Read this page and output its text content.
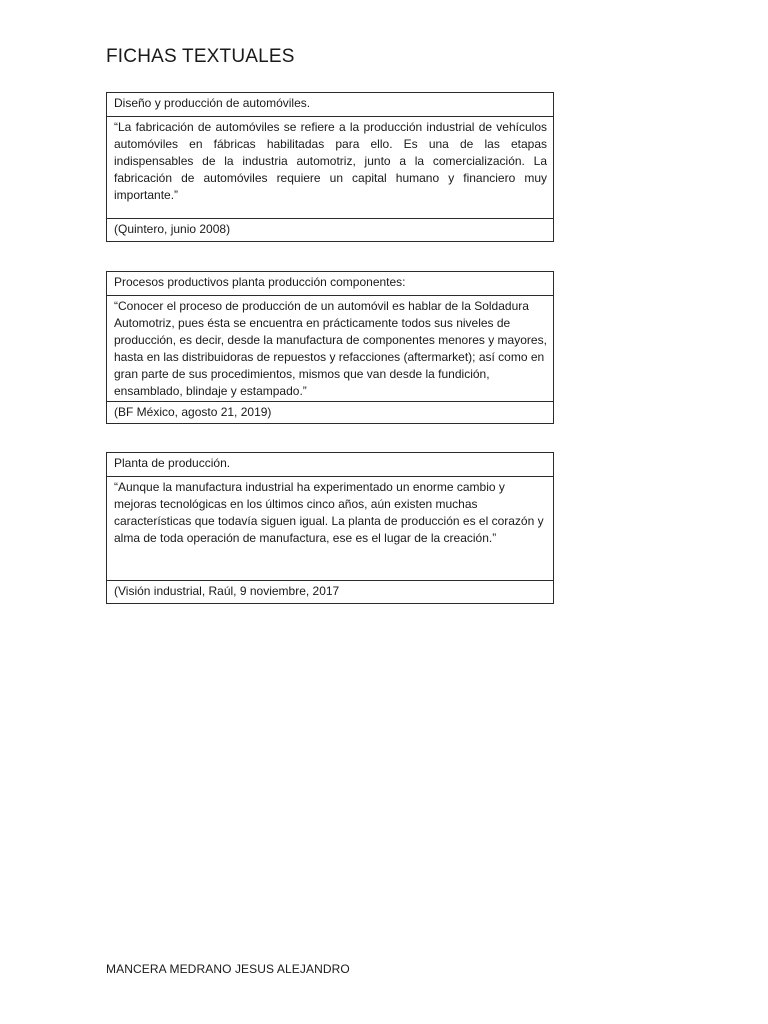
FICHAS TEXTUALES
Diseño y producción de automóviles.
“La fabricación de automóviles se refiere a la producción industrial de vehículos automóviles en fábricas habilitadas para ello. Es una de las etapas indispensables de la industria automotriz, junto a la comercialización. La fabricación de automóviles requiere un capital humano y financiero muy importante.”
(Quintero, junio 2008)
Procesos productivos planta producción componentes:
“Conocer el proceso de producción de un automóvil es hablar de la Soldadura Automotriz, pues ésta se encuentra en prácticamente todos sus niveles de producción, es decir, desde la manufactura de componentes menores y mayores, hasta en las distribuidoras de repuestos y refacciones (aftermarket); así como en gran parte de sus procedimientos, mismos que van desde la fundición, ensamblado, blindaje y estampado.”
(BF México, agosto 21, 2019)
Planta de producción.
“Aunque la manufactura industrial ha experimentado un enorme cambio y mejoras tecnológicas en los últimos cinco años, aún existen muchas características que todavía siguen igual. La planta de producción es el corazón y alma de toda operación de manufactura, ese es el lugar de la creación.”
(Visión industrial, Raúl, 9 noviembre, 2017
MANCERA MEDRANO JESUS ALEJANDRO
